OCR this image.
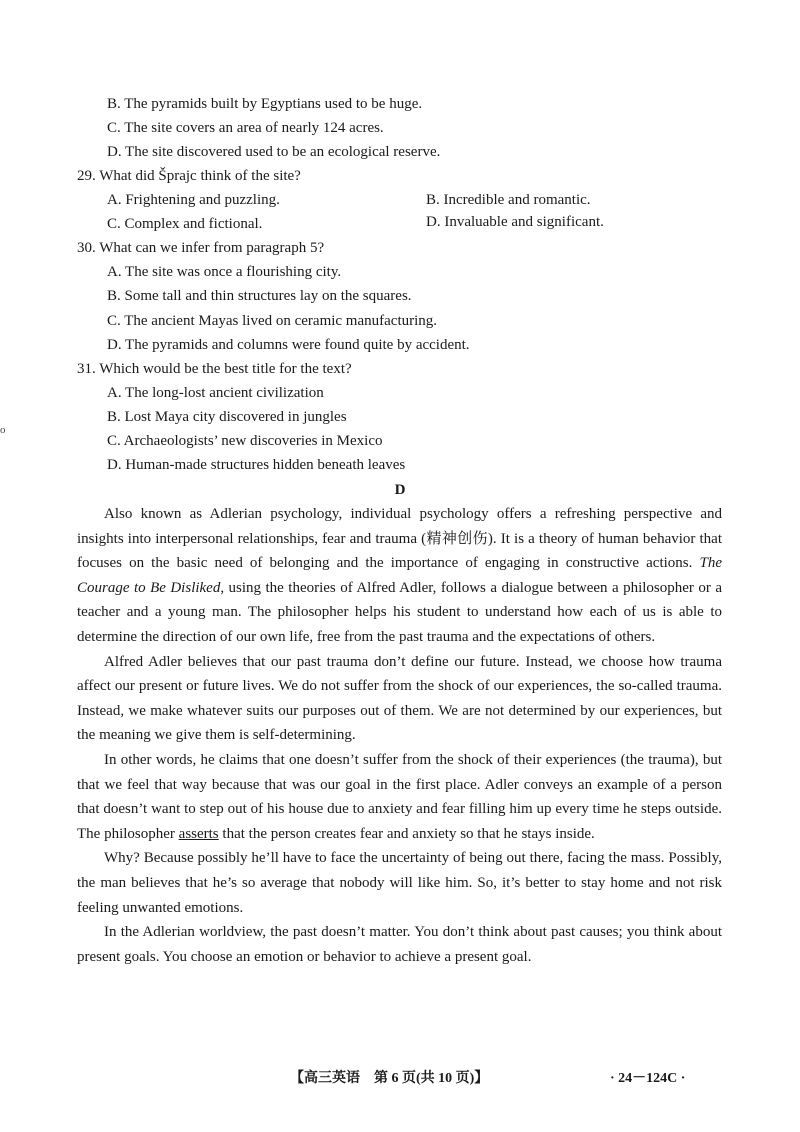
B. The pyramids built by Egyptians used to be huge.
C. The site covers an area of nearly 124 acres.
D. The site discovered used to be an ecological reserve.
29. What did Šprajc think of the site?
A. Frightening and puzzling.	B. Incredible and romantic.
C. Complex and fictional.	D. Invaluable and significant.
30. What can we infer from paragraph 5?
A. The site was once a flourishing city.
B. Some tall and thin structures lay on the squares.
C. The ancient Mayas lived on ceramic manufacturing.
D. The pyramids and columns were found quite by accident.
31. Which would be the best title for the text?
A. The long-lost ancient civilization
B. Lost Maya city discovered in jungles
C. Archaeologists’ new discoveries in Mexico
D. Human-made structures hidden beneath leaves
o
D

Also known as Adlerian psychology, individual psychology offers a refreshing perspective and insights into interpersonal relationships, fear and trauma (精神创伤). It is a theory of human behavior that focuses on the basic need of belonging and the importance of engaging in constructive actions. The Courage to Be Disliked, using the theories of Alfred Adler, follows a dialogue between a philosopher or a teacher and a young man. The philosopher helps his student to understand how each of us is able to determine the direction of our own life, free from the past trauma and the expectations of others.

Alfred Adler believes that our past trauma don’t define our future. Instead, we choose how trauma affect our present or future lives. We do not suffer from the shock of our experiences, the so-called trauma. Instead, we make whatever suits our purposes out of them. We are not determined by our experiences, but the meaning we give them is self-determining.

In other words, he claims that one doesn’t suffer from the shock of their experiences (the trauma), but that we feel that way because that was our goal in the first place. Adler conveys an example of a person that doesn’t want to step out of his house due to anxiety and fear filling him up every time he steps outside. The philosopher asserts that the person creates fear and anxiety so that he stays inside.

Why? Because possibly he’ll have to face the uncertainty of being out there, facing the mass. Possibly, the man believes that he’s so average that nobody will like him. So, it’s better to stay home and not risk feeling unwanted emotions.

In the Adlerian worldview, the past doesn’t matter. You don’t think about past causes; you think about present goals. You choose an emotion or behavior to achieve a present goal.

【高三英语　第 6 页(共 10 页)】	· 24－124C ·
